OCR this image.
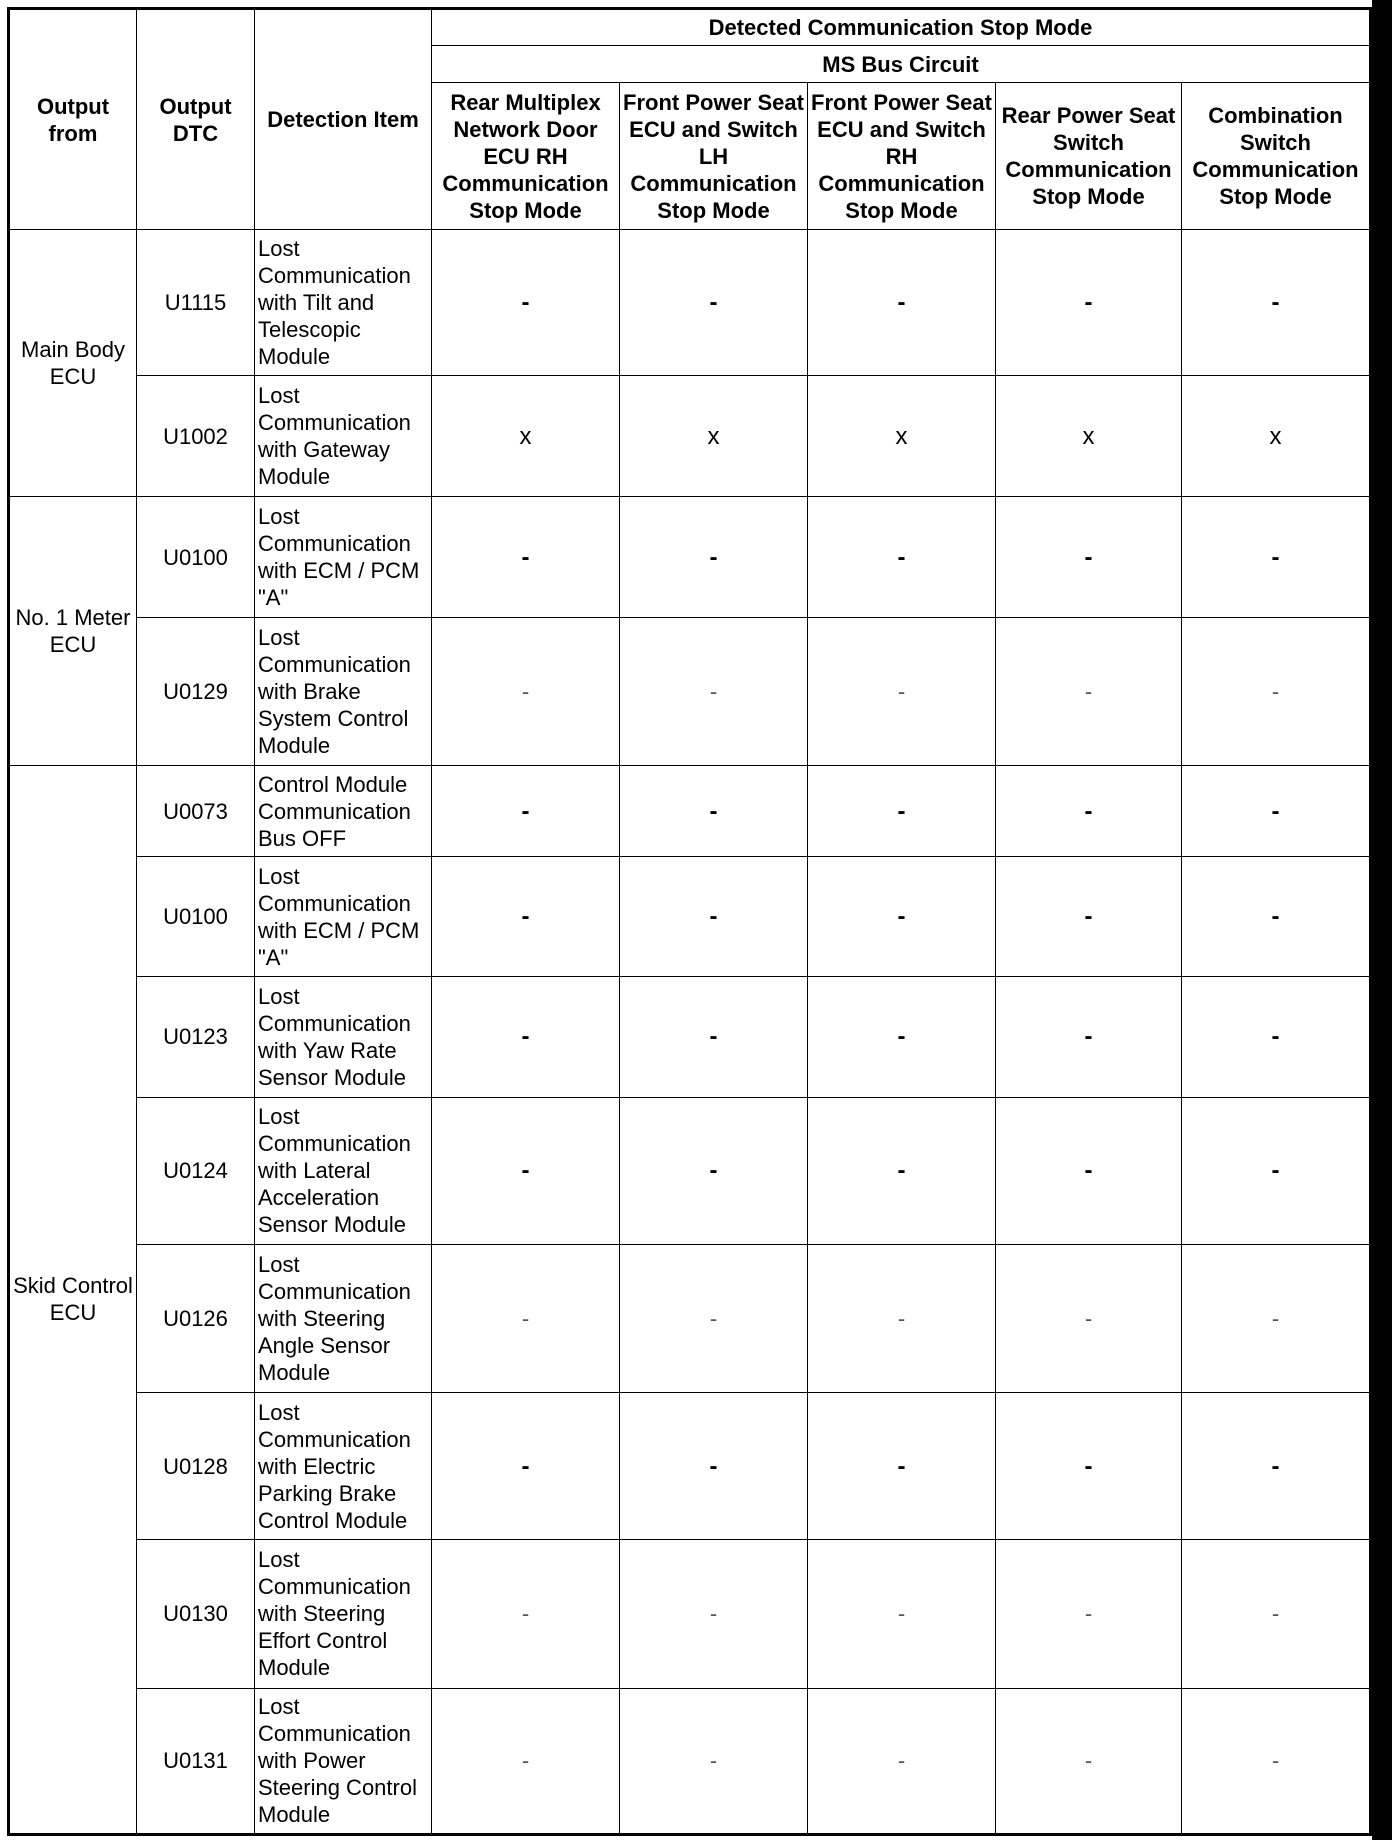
Output from	Output DTC	Detection Item	Detected Communication Stop Mode				
			MS Bus Circuit				
			Rear Multiplex Network Door ECU RH Communication Stop Mode	Front Power Seat ECU and Switch LH Communication Stop Mode	Front Power Seat ECU and Switch RH Communication Stop Mode	Rear Power Seat Switch Communication Stop Mode	Combination Switch Communication Stop Mode
Main Body ECU	U1115	Lost Communication with Tilt and Telescopic Module	-	-	-	-	-
	U1002	Lost Communication with Gateway Module	x	x	x	x	x
No. 1 Meter ECU	U0100	Lost Communication with ECM / PCM "A"	-	-	-	-	-
	U0129	Lost Communication with Brake System Control Module	-	-	-	-	-
Skid Control ECU	U0073	Control Module Communication Bus OFF	-	-	-	-	-
	U0100	Lost Communication with ECM / PCM "A"	-	-	-	-	-
	U0123	Lost Communication with Yaw Rate Sensor Module	-	-	-	-	-
	U0124	Lost Communication with Lateral Acceleration Sensor Module	-	-	-	-	-
	U0126	Lost Communication with Steering Angle Sensor Module	-	-	-	-	-
	U0128	Lost Communication with Electric Parking Brake Control Module	-	-	-	-	-
	U0130	Lost Communication with Steering Effort Control Module	-	-	-	-	-
	U0131	Lost Communication with Power Steering Control Module	-	-	-	-	-
